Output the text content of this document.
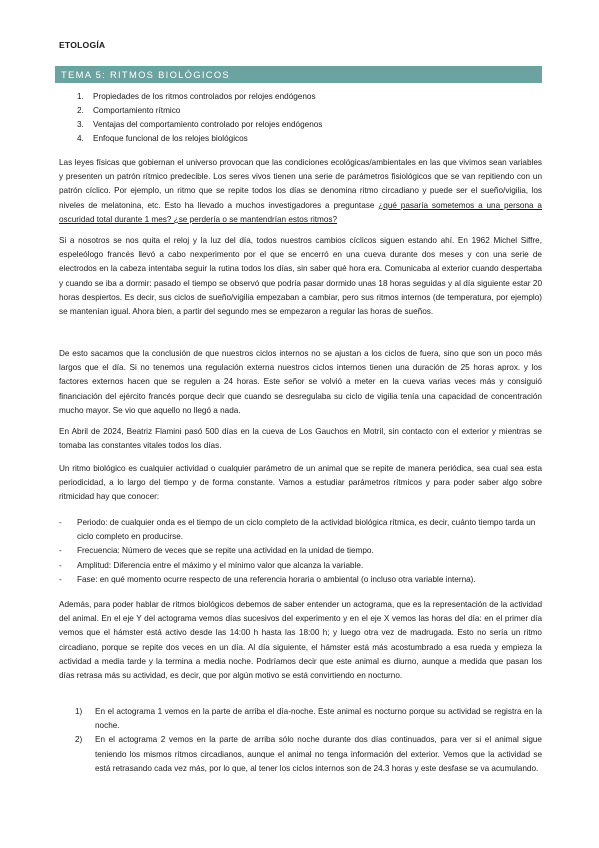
ETOLOGÍA
TEMA 5: RITMOS BIOLÓGICOS
1.	Propiedades de los ritmos controlados por relojes endógenos
2.	Comportamiento rítmico
3.	Ventajas del comportamiento controlado por relojes endógenos
4.	Enfoque funcional de los relojes biológicos

Las leyes físicas que gobiernan el universo provocan que las condiciones ecológicas/ambientales en las que vivimos sean variables y presenten un patrón rítmico predecible. Los seres vivos tienen una serie de parámetros fisiológicos que se van repitiendo con un patrón cíclico. Por ejemplo, un ritmo que se repite todos los días se denomina ritmo circadiano y puede ser el sueño/vigilia, los niveles de melatonina, etc. Esto ha llevado a muchos investigadores a preguntase ¿qué pasaría sometemos a una persona a oscuridad total durante 1 mes? ¿se perdería o se mantendrían estos ritmos?

Si a nosotros se nos quita el reloj y la luz del día, todos nuestros cambios cíclicos siguen estando ahí. En 1962 Michel Siffre, espeleólogo francés llevó a cabo nexperimento por el que se encerró en una cueva durante dos meses y con una serie de electrodos en la cabeza intentaba seguir la rutina todos los días, sin saber qué hora era. Comunicaba al exterior cuando despertaba y cuando se iba a dormir: pasado el tiempo se observó que podría pasar dormido unas 18 horas seguidas y al día siguiente estar 20 horas despiertos. Es decir, sus ciclos de sueño/vigilia empezaban a cambiar, pero sus ritmos internos (de temperatura, por ejemplo) se mantenían igual. Ahora bien, a partir del segundo mes se empezaron a regular las horas de sueños.

De esto sacamos que la conclusión de que nuestros ciclos internos no se ajustan a los ciclos de fuera, sino que son un poco más largos que el día. Si no tenemos una regulación externa nuestros ciclos internos tienen una duración de 25 horas aprox. y los factores externos hacen que se regulen a 24 horas. Este señor se volvió a meter en la cueva varias veces más y consiguió financiación del ejército francés porque decir que cuando se desregulaba su ciclo de vigilia tenía una capacidad de concentración mucho mayor. Se vio que aquello no llegó a nada.

En Abril de 2024, Beatriz Flamini pasó 500 días en la cueva de Los Gauchos en Motril, sin contacto con el exterior y mientras se tomaba las constantes vitales todos los días.

Un ritmo biológico es cualquier actividad o cualquier parámetro de un animal que se repite de manera periódica, sea cual sea esta periodicidad, a lo largo del tiempo y de forma constante. Vamos a estudiar parámetros rítmicos y para poder saber algo sobre ritmicidad hay que conocer:

-	Periodo: de cualquier onda es el tiempo de un ciclo completo de la actividad biológica rítmica, es decir, cuánto tiempo tarda un ciclo completo en producirse.
-	Frecuencia: Número de veces que se repite una actividad en la unidad de tiempo.
-	Amplitud: Diferencia entre el máximo y el mínimo valor que alcanza la variable.
-	Fase: en qué momento ocurre respecto de una referencia horaria o ambiental (o incluso otra variable interna).

Además, para poder hablar de ritmos biológicos debemos de saber entender un actograma, que es la representación de la actividad del animal. En el eje Y del actograma vemos días sucesivos del experimento y en el eje X vemos las horas del día: en el primer día vemos que el hámster está activo desde las 14:00 h hasta las 18:00 h; y luego otra vez de madrugada. Esto no sería un ritmo circadiano, porque se repite dos veces en un día. Al día siguiente, el hámster está más acostumbrado a esa rueda y empieza la actividad a media tarde y la termina a media noche. Podríamos decir que este animal es diurno, aunque a medida que pasan los días retrasa más su actividad, es decir, que por algún motivo se está convirtiendo en nocturno.

1)	En el actograma 1 vemos en la parte de arriba el día-noche. Este animal es nocturno porque su actividad se registra en la noche.
2)	En el actograma 2 vemos en la parte de arriba sólo noche durante dos días continuados, para ver si el animal sigue teniendo los mismos ritmos circadianos, aunque el animal no tenga información del exterior. Vemos que la actividad se está retrasando cada vez más, por lo que, al tener los ciclos internos son de 24.3 horas y este desfase se va acumulando.
